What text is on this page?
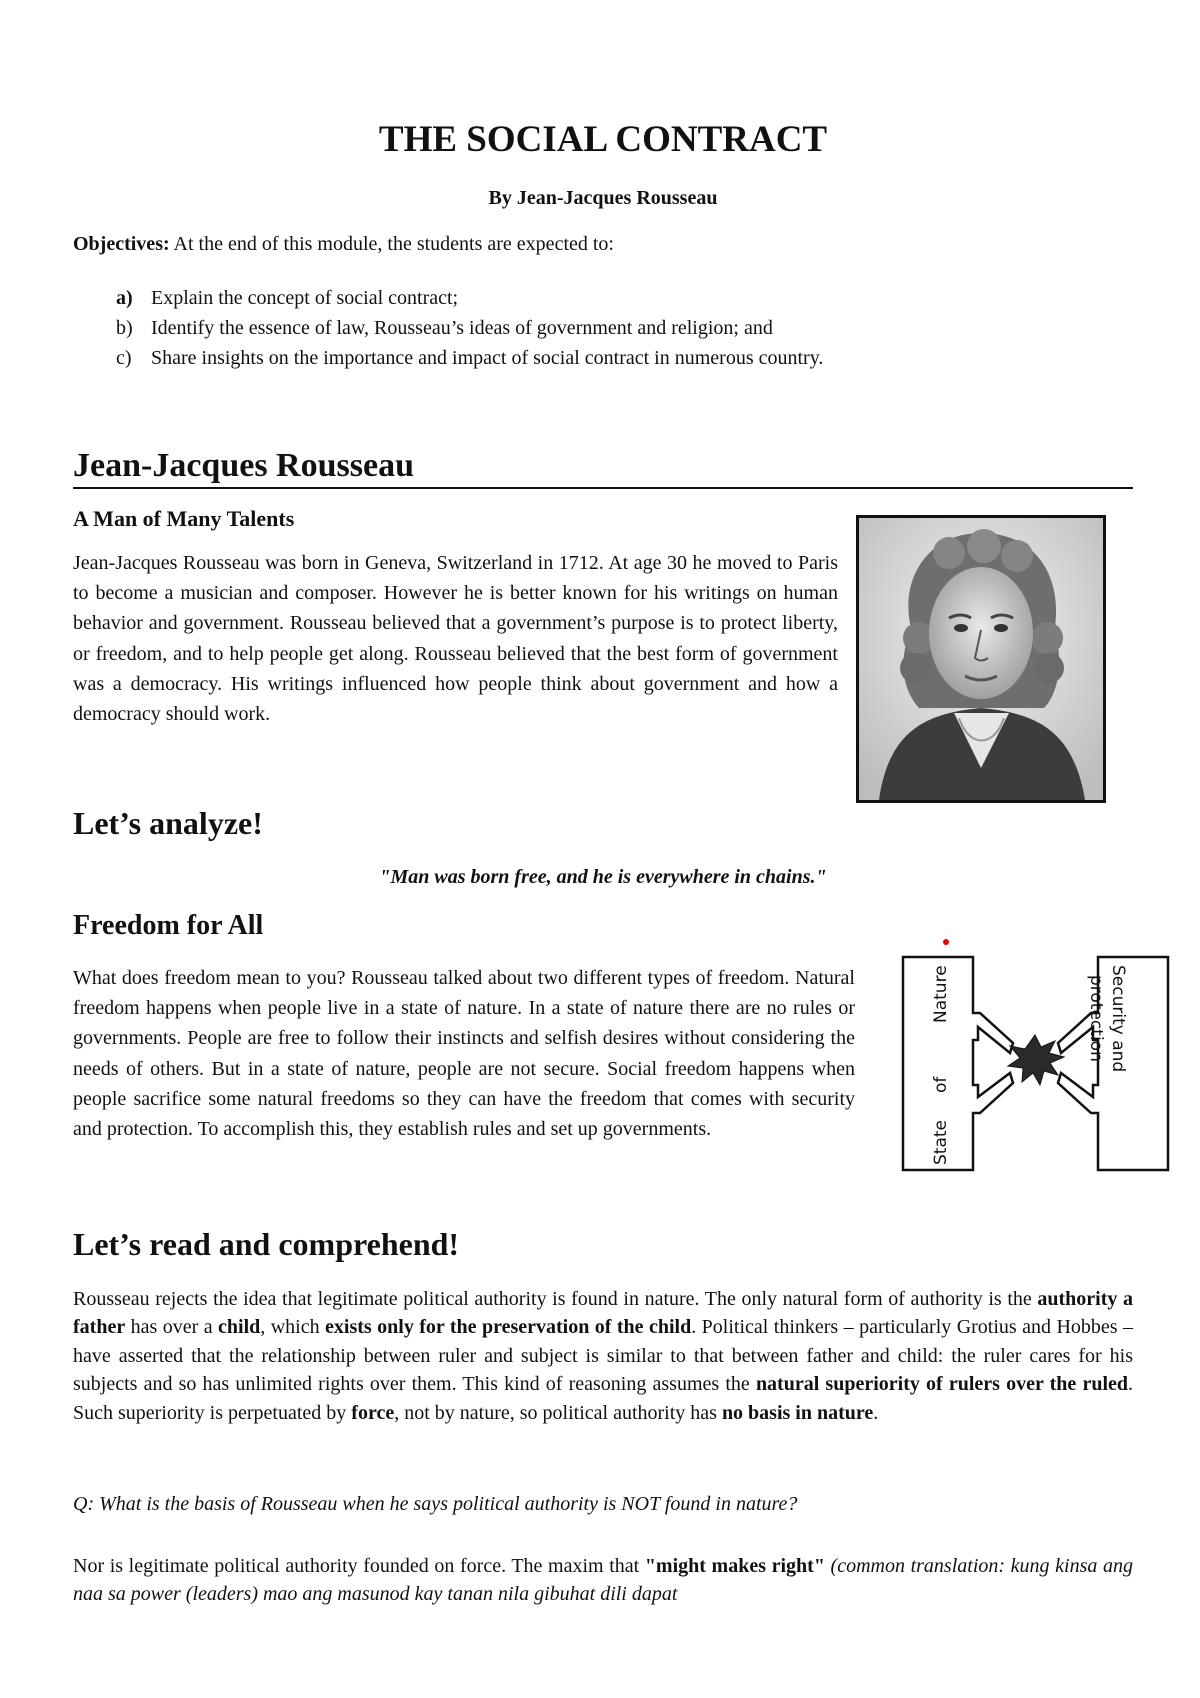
THE SOCIAL CONTRACT
By Jean-Jacques Rousseau
Objectives: At the end of this module, the students are expected to:
a) Explain the concept of social contract;
b) Identify the essence of law, Rousseau’s ideas of government and religion; and
c) Share insights on the importance and impact of social contract in numerous country.
Jean-Jacques Rousseau
A Man of Many Talents

Jean-Jacques Rousseau was born in Geneva, Switzerland in 1712. At age 30 he moved to Paris to become a musician and composer. However he is better known for his writings on human behavior and government. Rousseau believed that a government’s purpose is to protect liberty, or freedom, and to help people get along. Rousseau believed that the best form of government was a democracy. His writings influenced how people think about government and how a democracy should work.

Let’s analyze!
"Man was born free, and he is everywhere in chains."
Freedom for All

What does freedom mean to you? Rousseau talked about two different types of freedom. Natural freedom happens when people live in a state of nature. In a state of nature there are no rules or governments. People are free to follow their instincts and selfish desires without considering the needs of others. But in a state of nature, people are not secure. Social freedom happens when people sacrifice some natural freedoms so they can have the freedom that comes with security and protection. To accomplish this, they establish rules and set up governments.	State
of
Nature	Security and
protection
Let’s read and comprehend!

Rousseau rejects the idea that legitimate political authority is found in nature. The only natural form of authority is the authority a father has over a child, which exists only for the preservation of the child. Political thinkers – particularly Grotius and Hobbes – have asserted that the relationship between ruler and subject is similar to that between father and child: the ruler cares for his subjects and so has unlimited rights over them. This kind of reasoning assumes the natural superiority of rulers over the ruled. Such superiority is perpetuated by force, not by nature, so political authority has no basis in nature.

Q: What is the basis of Rousseau when he says political authority is NOT found in nature?

Nor is legitimate political authority founded on force. The maxim that "might makes right" (common translation: kung kinsa ang naa sa power (leaders) mao ang masunod kay tanan nila gibuhat dili dapat
